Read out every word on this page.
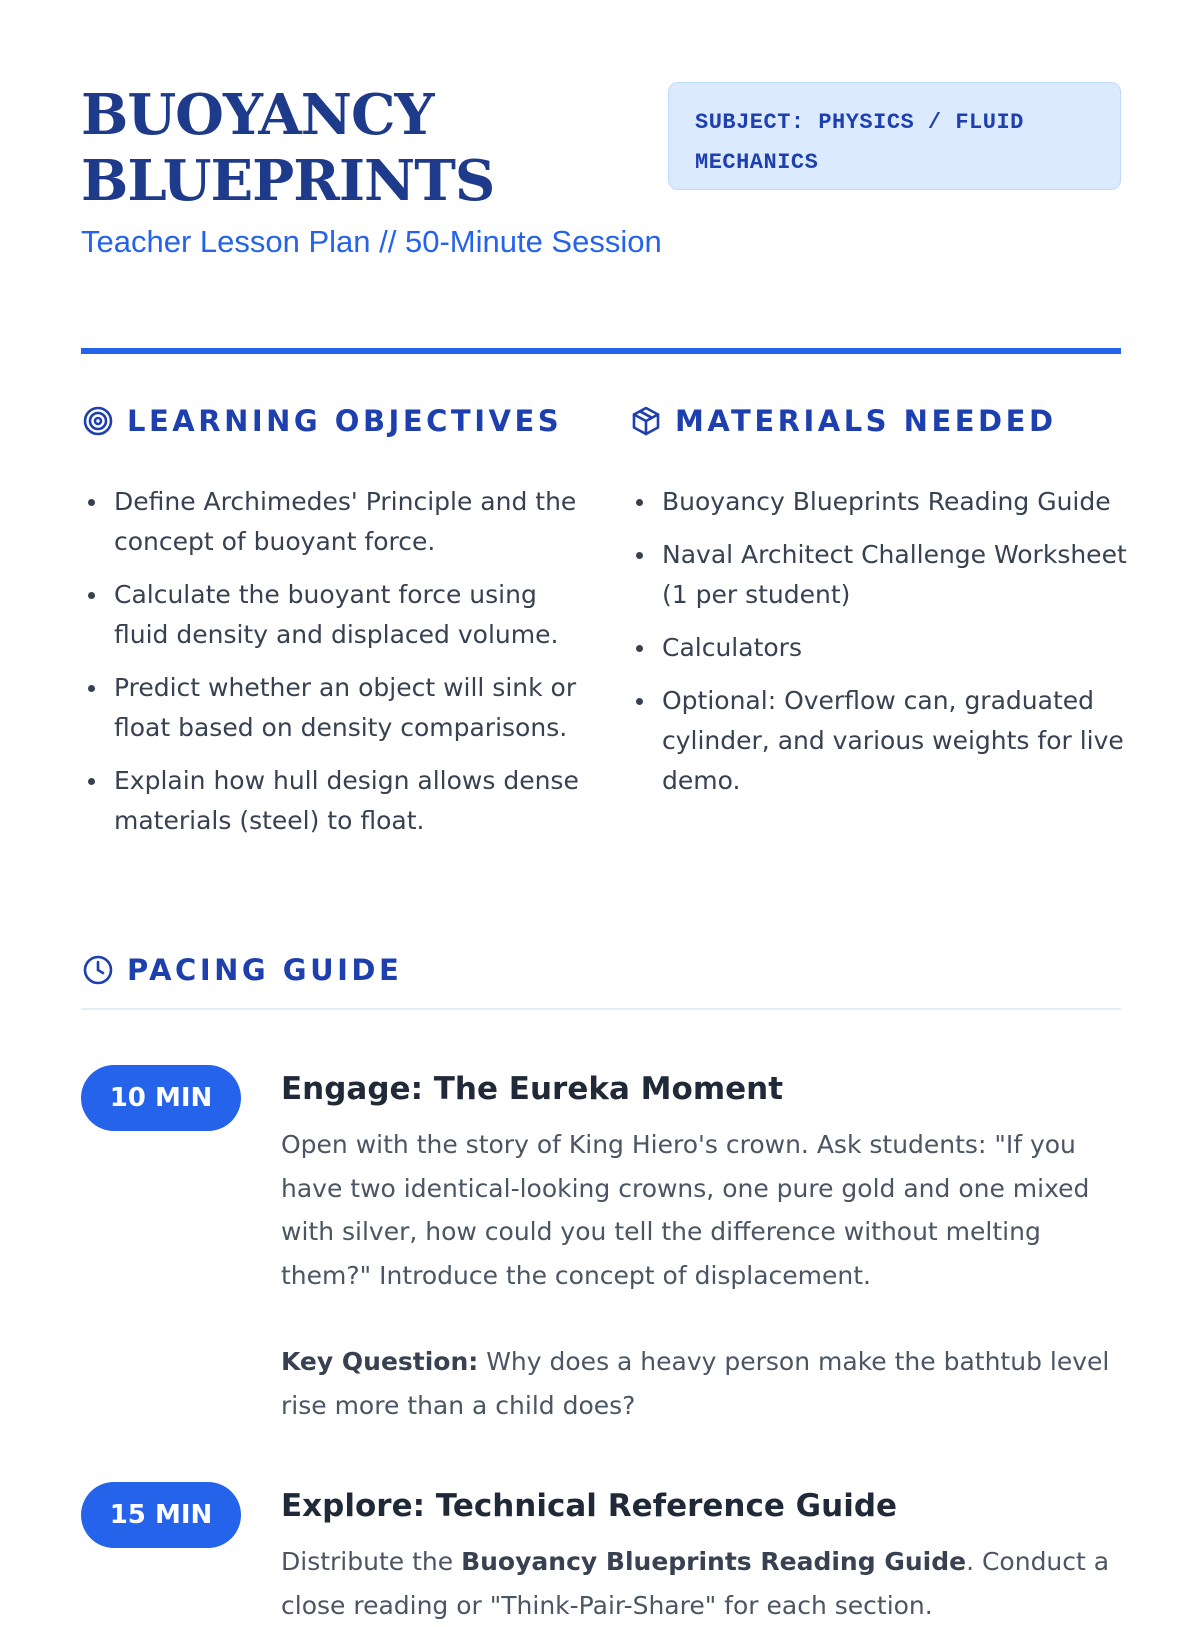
BUOYANCY BLUEPRINTS
Teacher Lesson Plan // 50-Minute Session
SUBJECT: PHYSICS / FLUID MECHANICS
LEARNING OBJECTIVES
Define Archimedes' Principle and the concept of buoyant force.
Calculate the buoyant force using fluid density and displaced volume.
Predict whether an object will sink or float based on density comparisons.
Explain how hull design allows dense materials (steel) to float.
MATERIALS NEEDED
Buoyancy Blueprints Reading Guide
Naval Architect Challenge Worksheet (1 per student)
Calculators
Optional: Overflow can, graduated cylinder, and various weights for live demo.
PACING GUIDE
10 MIN	Engage: The Eureka Moment
Open with the story of King Hiero's crown. Ask students: "If you have two identical-looking crowns, one pure gold and one mixed with silver, how could you tell the difference without melting them?" Introduce the concept of displacement.
Key Question: Why does a heavy person make the bathtub level rise more than a child does?
15 MIN	Explore: Technical Reference Guide
Distribute the Buoyancy Blueprints Reading Guide. Conduct a close reading or "Think-Pair-Share" for each section.
